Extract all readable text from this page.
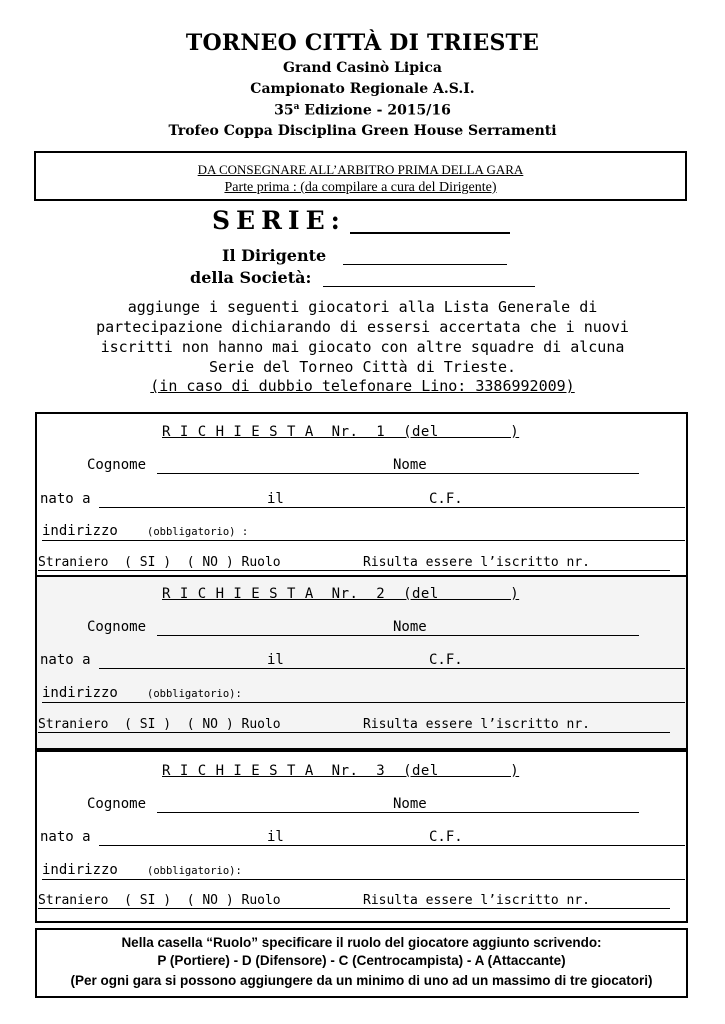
TORNEO CITTÀ DI TRIESTE
Grand Casinò Lipica
Campionato Regionale A.S.I.
35$^a$ Edizione - 2015/16
Trofeo Coppa Disciplina Green House Serramenti
DA CONSEGNARE ALL’ARBITRO PRIMA DELLA GARA
Parte prima : (da compilare a cura del Dirigente)
SERIE:
Il Dirigente
della Società:
aggiunge i seguenti giocatori alla Lista Generale di
partecipazione dichiarando di essersi accertata che i nuovi
iscritti non hanno mai giocato con altre squadre di alcuna
Serie del Torneo Città di Trieste.
(in caso di dubbio telefonare Lino: 3386992009)
R I C H I E S T A  Nr.  1  (del        )
Cognome	Nome
nato a	il	C.F.
indirizzo	(obbligatorio) :
Straniero  ( SI )  ( NO ) Ruolo	Risulta essere l’iscritto nr.
R I C H I E S T A  Nr.  2  (del        )
Cognome	Nome
nato a	il	C.F.
indirizzo	(obbligatorio):
Straniero  ( SI )  ( NO ) Ruolo	Risulta essere l’iscritto nr.
R I C H I E S T A  Nr.  3  (del        )
Cognome	Nome
nato a	il	C.F.
indirizzo	(obbligatorio):
Straniero  ( SI )  ( NO ) Ruolo	Risulta essere l’iscritto nr.
Nella casella “Ruolo” specificare il ruolo del giocatore aggiunto scrivendo:
P (Portiere) - D (Difensore) - C (Centrocampista) - A (Attaccante)
(Per ogni gara si possono aggiungere da un minimo di uno ad un massimo di tre giocatori)
